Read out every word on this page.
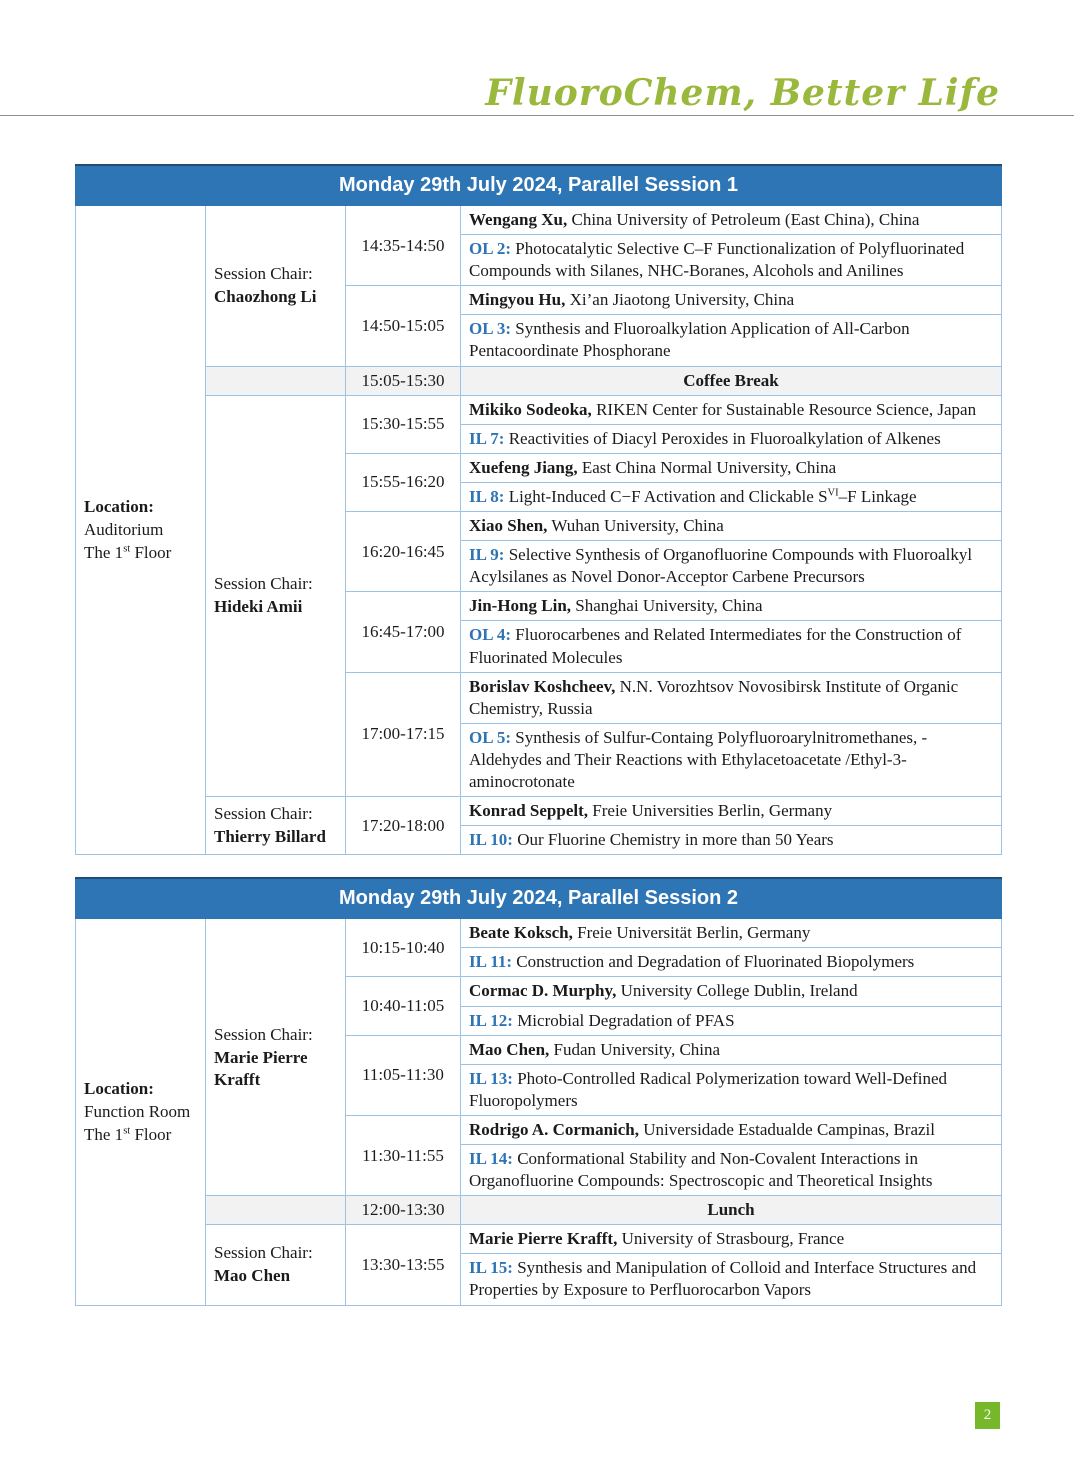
FluoroChem, Better Life
Monday 29th July 2024, Parallel Session 1			

Location:
Auditorium
The 1st Floor

Session Chair:
Chaozhong Li
	14:35-14:50	Wengang Xu, China University of Petroleum (East China), China
			OL 2: Photocatalytic Selective C–F Functionalization of Polyfluorinated Compounds with Silanes, NHC-Boranes, Alcohols and Anilines
		14:50-15:05	Mingyou Hu, Xi’an Jiaotong University, China
			OL 3: Synthesis and Fluoroalkylation Application of All-Carbon Pentacoordinate Phosphorane
		15:05-15:30	Coffee Break

	Session Chair:
Hideki Amii	15:30-15:55	Mikiko Sodeoka, RIKEN Center for Sustainable Resource Science, Japan
			IL 7: Reactivities of Diacyl Peroxides in Fluoroalkylation of Alkenes
		15:55-16:20	Xuefeng Jiang, East China Normal University, China
			IL 8: Light-Induced C−F Activation and Clickable $S^{VI}-F$ Linkage
		16:20-16:45	Xiao Shen, Wuhan University, China
			IL 9: Selective Synthesis of Organofluorine Compounds with Fluoroalkyl Acylsilanes as Novel Donor-Acceptor Carbene Precursors
		16:45-17:00	Jin-Hong Lin, Shanghai University, China
			OL 4: Fluorocarbenes and Related Intermediates for the Construction of Fluorinated Molecules
		17:00-17:15	Borislav Koshcheev, N.N. Vorozhtsov Novosibirsk Institute of Organic Chemistry, Russia
			OL 5: Synthesis of Sulfur-Containg Polyfluoroarylnitromethanes, -Aldehydes and Their Reactions with Ethylacetoacetate /Ethyl-3-aminocrotonate

	Session Chair:
Thierry Billard	17:20-18:00	Konrad Seppelt, Freie Universities Berlin, Germany
			IL 10: Our Fluorine Chemistry in more than 50 Years
Monday 29th July 2024, Parallel Session 2			

Location:
Function Room
The 1st Floor

Session Chair:
Marie Pierre Krafft
	10:15-10:40	Beate Koksch, Freie Universität Berlin, Germany
			IL 11: Construction and Degradation of Fluorinated Biopolymers
		10:40-11:05	Cormac D. Murphy, University College Dublin, Ireland
			IL 12: Microbial Degradation of PFAS
		11:05-11:30	Mao Chen, Fudan University, China
			IL 13: Photo-Controlled Radical Polymerization toward Well-Defined Fluoropolymers
		11:30-11:55	Rodrigo A. Cormanich, Universidade Estadualde Campinas, Brazil
			IL 14: Conformational Stability and Non-Covalent Interactions in Organofluorine Compounds: Spectroscopic and Theoretical Insights
		12:00-13:30	Lunch

	Session Chair:
Mao Chen	13:30-13:55	Marie Pierre Krafft, University of Strasbourg, France
			IL 15: Synthesis and Manipulation of Colloid and Interface Structures and Properties by Exposure to Perfluorocarbon Vapors
2
